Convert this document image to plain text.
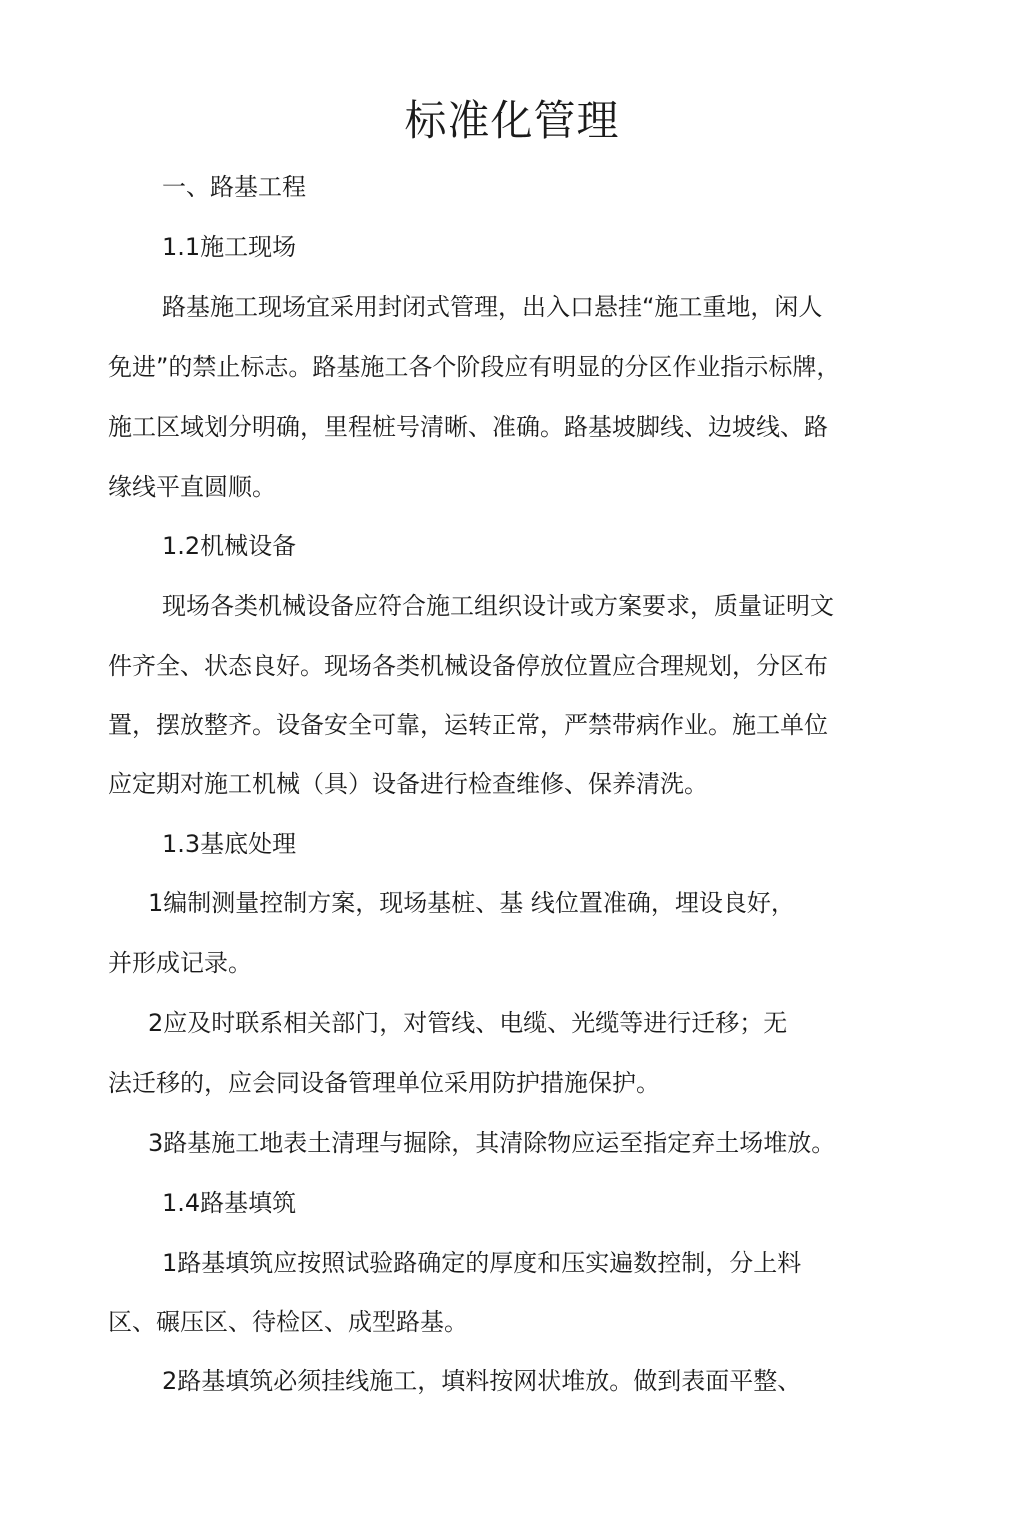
标准化管理

一、路基工程

1.1施工现场

路基施工现场宜采用封闭式管理，出入口悬挂“施工重地，闲人

免进”的禁止标志。路基施工各个阶段应有明显的分区作业指示标牌，

施工区域划分明确，里程桩号清晰、准确。路基坡脚线、边坡线、路

缘线平直圆顺。

1.2机械设备

现场各类机械设备应符合施工组织设计或方案要求，质量证明文

件齐全、状态良好。现场各类机械设备停放位置应合理规划，分区布

置，摆放整齐。设备安全可靠，运转正常，严禁带病作业。施工单位

应定期对施工机械（具）设备进行检查维修、保养清洗。

1.3基底处理

1编制测量控制方案，现场基桩、基 线位置准确，埋设良好，

并形成记录。

2应及时联系相关部门，对管线、电缆、光缆等进行迁移；无

法迁移的，应会同设备管理单位采用防护措施保护。

3路基施工地表土清理与掘除，其清除物应运至指定弃土场堆放。

1.4路基填筑

1路基填筑应按照试验路确定的厚度和压实遍数控制，分上料

区、碾压区、待检区、成型路基。

2路基填筑必须挂线施工，填料按网状堆放。做到表面平整、
